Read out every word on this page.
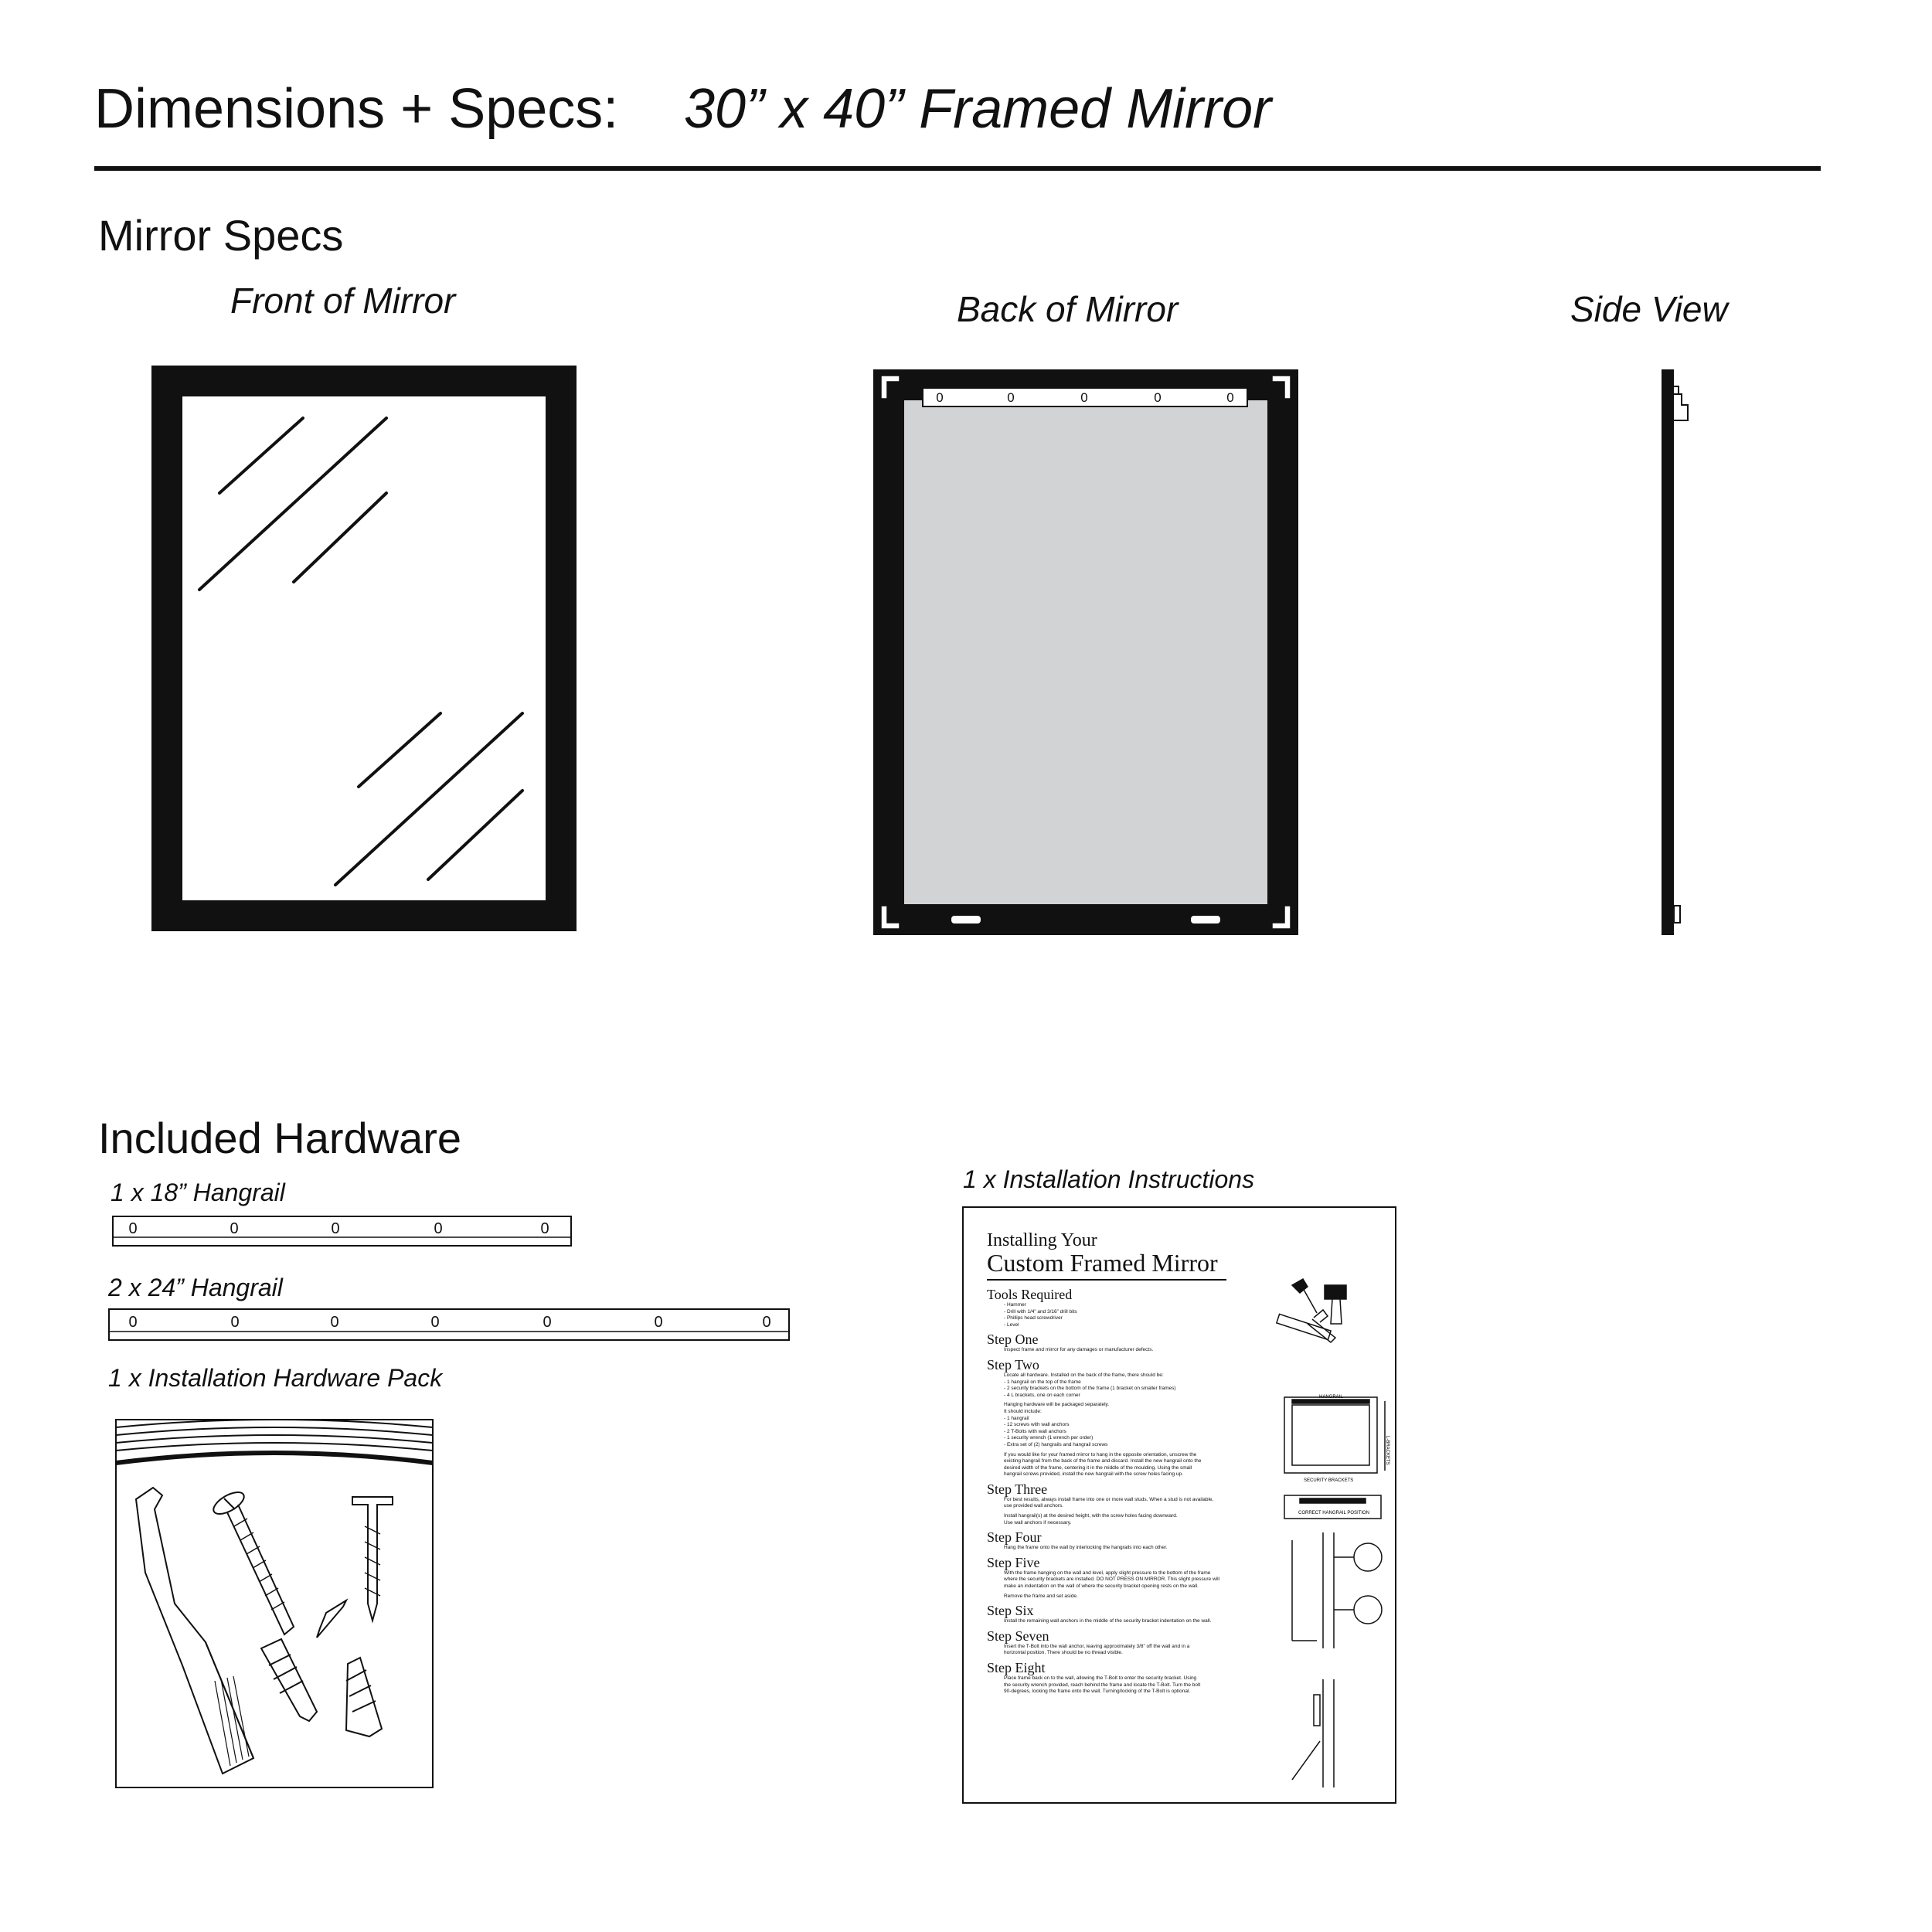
Dimensions + Specs: 30” x 40” Framed Mirror
Mirror Specs
Front of Mirror	Back of Mirror	Side View
0	0	0	0	0
Included Hardware
1 x 18” Hangrail
0	0	0	0	0
2 x 24” Hangrail
0	0	0	0	0	0	0
1 x Installation Hardware Pack
1 x Installation Instructions
Installing Your
Custom Framed Mirror
Tools Required
- Hammer
- Drill with 1/4” and 3/16” drill bits
- Phillips head screwdriver
- Level
Step One
Inspect frame and mirror for any damages or manufacturer defects.
Step Two
Locate all hardware. Installed on the back of the frame, there should be:
- 1 hangrail on the top of the frame
- 2 security brackets on the bottom of the frame (1 bracket on smaller frames)
- 4 L brackets, one on each corner
Hanging hardware will be packaged separately.
It should include:
- 1 hangrail
- 12 screws with wall anchors
- 2 T-Bolts with wall anchors
- 1 security wrench (1 wrench per order)
- Extra set of (2) hangrails and hangrail screws
If you would like for your framed mirror to hang in the opposite orientation, unscrew the
existing hangrail from the back of the frame and discard. Install the new hangrail onto the
desired width of the frame, centering it in the middle of the moulding. Using the small
hangrail screws provided, install the new hangrail with the screw holes facing up.
Step Three
For best results, always install frame into one or more wall studs. When a stud is not available,
use provided wall anchors.
Install hangrail(s) at the desired height, with the screw holes facing downward.
Use wall anchors if necessary.
Step Four
Hang the frame onto the wall by interlocking the hangrails into each other.
Step Five
With the frame hanging on the wall and level, apply slight pressure to the bottom of the frame
where the security brackets are installed. DO NOT PRESS ON MIRROR. This slight pressure will
make an indentation on the wall of where the security bracket opening rests on the wall.
Remove the frame and set aside.
Step Six
Install the remaining wall anchors in the middle of the security bracket indentation on the wall.
Step Seven
Insert the T-Bolt into the wall anchor, leaving approximately 3/8” off the wall and in a
horizontal position. There should be no thread visible.
Step Eight
Place frame back on to the wall, allowing the T-Bolt to enter the security bracket. Using
the security wrench provided, reach behind the frame and locate the T-Bolt. Turn the bolt
90-degrees, locking the frame onto the wall. Turning/locking of the T-Bolt is optional.
HANGRAIL
L-BRACKETS
SECURITY BRACKETS
CORRECT HANGRAIL POSITION
